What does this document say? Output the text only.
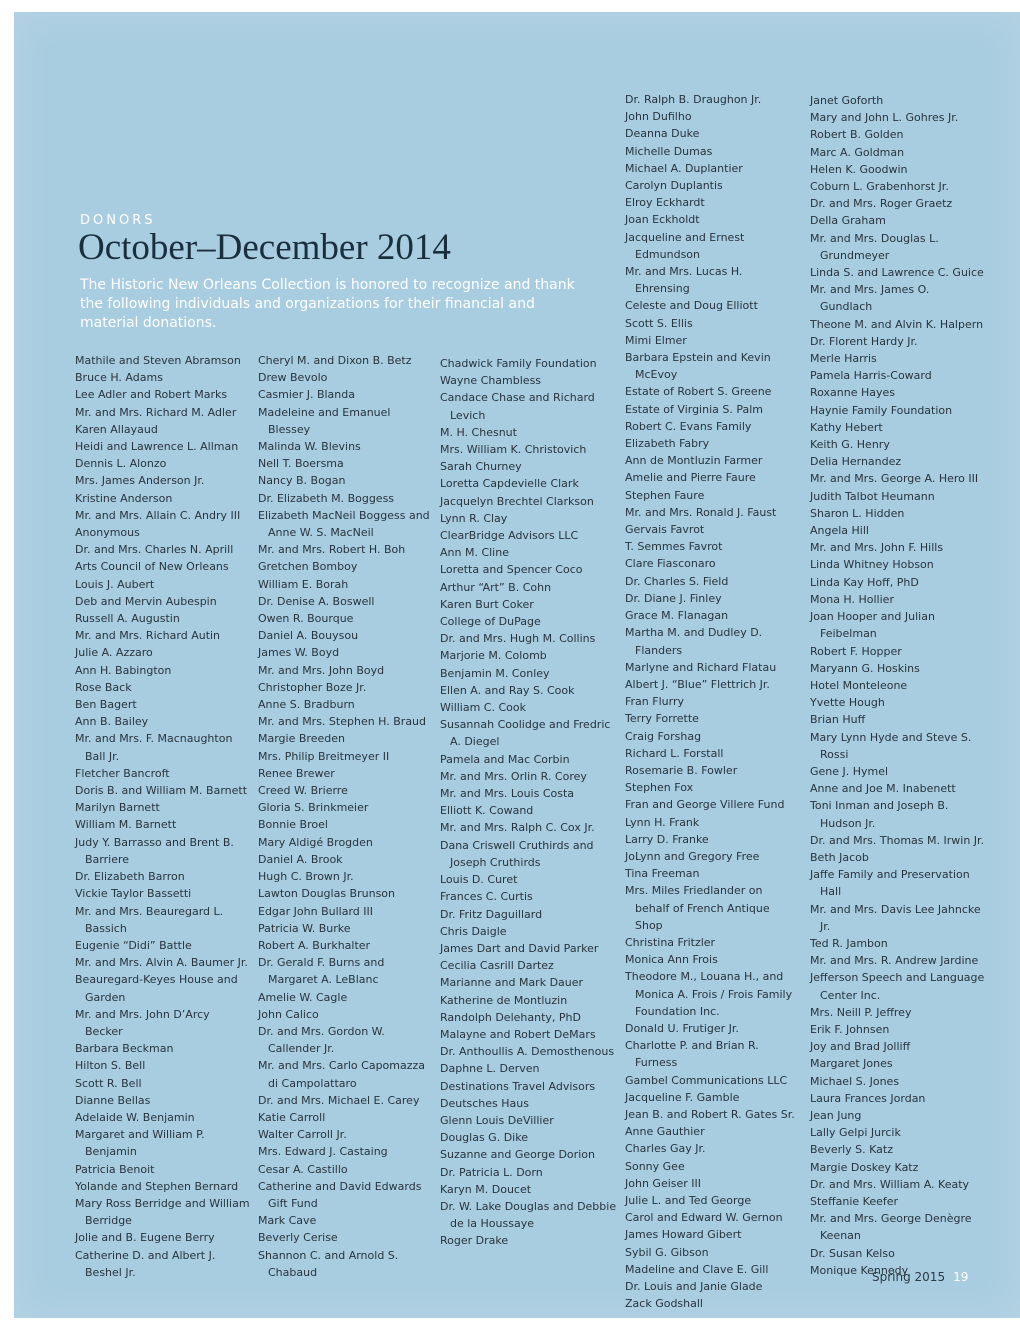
DONORS
October–December 2014

The Historic New Orleans Collection is honored to recognize and thank the following individuals and organizations for their financial and material donations.

Mathile and Steven Abramson
Bruce H. Adams
Lee Adler and Robert Marks
Mr. and Mrs. Richard M. Adler
Karen Allayaud
Heidi and Lawrence L. Allman
Dennis L. Alonzo
Mrs. James Anderson Jr.
Kristine Anderson
Mr. and Mrs. Allain C. Andry III
Anonymous
Dr. and Mrs. Charles N. Aprill
Arts Council of New Orleans
Louis J. Aubert
Deb and Mervin Aubespin
Russell A. Augustin
Mr. and Mrs. Richard Autin
Julie A. Azzaro
Ann H. Babington
Rose Back
Ben Bagert
Ann B. Bailey
Mr. and Mrs. F. Macnaughton Ball Jr.
Fletcher Bancroft
Doris B. and William M. Barnett
Marilyn Barnett
William M. Barnett
Judy Y. Barrasso and Brent B. Barriere
Dr. Elizabeth Barron
Vickie Taylor Bassetti
Mr. and Mrs. Beauregard L. Bassich
Eugenie “Didi” Battle
Mr. and Mrs. Alvin A. Baumer Jr.
Beauregard-Keyes House and Garden
Mr. and Mrs. John D’Arcy Becker
Barbara Beckman
Hilton S. Bell
Scott R. Bell
Dianne Bellas
Adelaide W. Benjamin
Margaret and William P. Benjamin
Patricia Benoit
Yolande and Stephen Bernard
Mary Ross Berridge and William Berridge
Jolie and B. Eugene Berry
Catherine D. and Albert J. Beshel Jr.
Cheryl M. and Dixon B. Betz
Drew Bevolo
Casmier J. Blanda
Madeleine and Emanuel Blessey
Malinda W. Blevins
Nell T. Boersma
Nancy B. Bogan
Dr. Elizabeth M. Boggess
Elizabeth MacNeil Boggess and Anne W. S. MacNeil
Mr. and Mrs. Robert H. Boh
Gretchen Bomboy
William E. Borah
Dr. Denise A. Boswell
Owen R. Bourque
Daniel A. Bouysou
James W. Boyd
Mr. and Mrs. John Boyd
Christopher Boze Jr.
Anne S. Bradburn
Mr. and Mrs. Stephen H. Braud
Margie Breeden
Mrs. Philip Breitmeyer II
Renee Brewer
Creed W. Brierre
Gloria S. Brinkmeier
Bonnie Broel
Mary Aldigé Brogden
Daniel A. Brook
Hugh C. Brown Jr.
Lawton Douglas Brunson
Edgar John Bullard III
Patricia W. Burke
Robert A. Burkhalter
Dr. Gerald F. Burns and Margaret A. LeBlanc
Amelie W. Cagle
John Calico
Dr. and Mrs. Gordon W. Callender Jr.
Mr. and Mrs. Carlo Capomazza di Campolattaro
Dr. and Mrs. Michael E. Carey
Katie Carroll
Walter Carroll Jr.
Mrs. Edward J. Castaing
Cesar A. Castillo
Catherine and David Edwards Gift Fund
Mark Cave
Beverly Cerise
Shannon C. and Arnold S. Chabaud
Chadwick Family Foundation
Wayne Chambless
Candace Chase and Richard Levich
M. H. Chesnut
Mrs. William K. Christovich
Sarah Churney
Loretta Capdevielle Clark
Jacquelyn Brechtel Clarkson
Lynn R. Clay
ClearBridge Advisors LLC
Ann M. Cline
Loretta and Spencer Coco
Arthur “Art” B. Cohn
Karen Burt Coker
College of DuPage
Dr. and Mrs. Hugh M. Collins
Marjorie M. Colomb
Benjamin M. Conley
Ellen A. and Ray S. Cook
William C. Cook
Susannah Coolidge and Fredric A. Diegel
Pamela and Mac Corbin
Mr. and Mrs. Orlin R. Corey
Mr. and Mrs. Louis Costa
Elliott K. Cowand
Mr. and Mrs. Ralph C. Cox Jr.
Dana Criswell Cruthirds and Joseph Cruthirds
Louis D. Curet
Frances C. Curtis
Dr. Fritz Daguillard
Chris Daigle
James Dart and David Parker
Cecilia Casrill Dartez
Marianne and Mark Dauer
Katherine de Montluzin
Randolph Delehanty, PhD
Malayne and Robert DeMars
Dr. Anthoullis A. Demosthenous
Daphne L. Derven
Destinations Travel Advisors
Deutsches Haus
Glenn Louis DeVillier
Douglas G. Dike
Suzanne and George Dorion
Dr. Patricia L. Dorn
Karyn M. Doucet
Dr. W. Lake Douglas and Debbie de la Houssaye
Roger Drake
Dr. Ralph B. Draughon Jr.
John Dufilho
Deanna Duke
Michelle Dumas
Michael A. Duplantier
Carolyn Duplantis
Elroy Eckhardt
Joan Eckholdt
Jacqueline and Ernest Edmundson
Mr. and Mrs. Lucas H. Ehrensing
Celeste and Doug Elliott
Scott S. Ellis
Mimi Elmer
Barbara Epstein and Kevin McEvoy
Estate of Robert S. Greene
Estate of Virginia S. Palm
Robert C. Evans Family
Elizabeth Fabry
Ann de Montluzin Farmer
Amelie and Pierre Faure
Stephen Faure
Mr. and Mrs. Ronald J. Faust
Gervais Favrot
T. Semmes Favrot
Clare Fiasconaro
Dr. Charles S. Field
Dr. Diane J. Finley
Grace M. Flanagan
Martha M. and Dudley D. Flanders
Marlyne and Richard Flatau
Albert J. “Blue” Flettrich Jr.
Fran Flurry
Terry Forrette
Craig Forshag
Richard L. Forstall
Rosemarie B. Fowler
Stephen Fox
Fran and George Villere Fund
Lynn H. Frank
Larry D. Franke
JoLynn and Gregory Free
Tina Freeman
Mrs. Miles Friedlander on behalf of French Antique Shop
Christina Fritzler
Monica Ann Frois
Theodore M., Louana H., and Monica A. Frois / Frois Family Foundation Inc.
Donald U. Frutiger Jr.
Charlotte P. and Brian R. Furness
Gambel Communications LLC
Jacqueline F. Gamble
Jean B. and Robert R. Gates Sr.
Anne Gauthier
Charles Gay Jr.
Sonny Gee
John Geiser III
Julie L. and Ted George
Carol and Edward W. Gernon
James Howard Gibert
Sybil G. Gibson
Madeline and Clave E. Gill
Dr. Louis and Janie Glade
Zack Godshall
Janet Goforth
Mary and John L. Gohres Jr.
Robert B. Golden
Marc A. Goldman
Helen K. Goodwin
Coburn L. Grabenhorst Jr.
Dr. and Mrs. Roger Graetz
Della Graham
Mr. and Mrs. Douglas L. Grundmeyer
Linda S. and Lawrence C. Guice
Mr. and Mrs. James O. Gundlach
Theone M. and Alvin K. Halpern
Dr. Florent Hardy Jr.
Merle Harris
Pamela Harris-Coward
Roxanne Hayes
Haynie Family Foundation
Kathy Hebert
Keith G. Henry
Delia Hernandez
Mr. and Mrs. George A. Hero III
Judith Talbot Heumann
Sharon L. Hidden
Angela Hill
Mr. and Mrs. John F. Hills
Linda Whitney Hobson
Linda Kay Hoff, PhD
Mona H. Hollier
Joan Hooper and Julian Feibelman
Robert F. Hopper
Maryann G. Hoskins
Hotel Monteleone
Yvette Hough
Brian Huff
Mary Lynn Hyde and Steve S. Rossi
Gene J. Hymel
Anne and Joe M. Inabenett
Toni Inman and Joseph B. Hudson Jr.
Dr. and Mrs. Thomas M. Irwin Jr.
Beth Jacob
Jaffe Family and Preservation Hall
Mr. and Mrs. Davis Lee Jahncke Jr.
Ted R. Jambon
Mr. and Mrs. R. Andrew Jardine
Jefferson Speech and Language Center Inc.
Mrs. Neill P. Jeffrey
Erik F. Johnsen
Joy and Brad Jolliff
Margaret Jones
Michael S. Jones
Laura Frances Jordan
Jean Jung
Lally Gelpi Jurcik
Beverly S. Katz
Margie Doskey Katz
Dr. and Mrs. William A. Keaty
Steffanie Keefer
Mr. and Mrs. George Denègre Keenan
Dr. Susan Kelso
Monique Kennedy
Spring 2015 19
